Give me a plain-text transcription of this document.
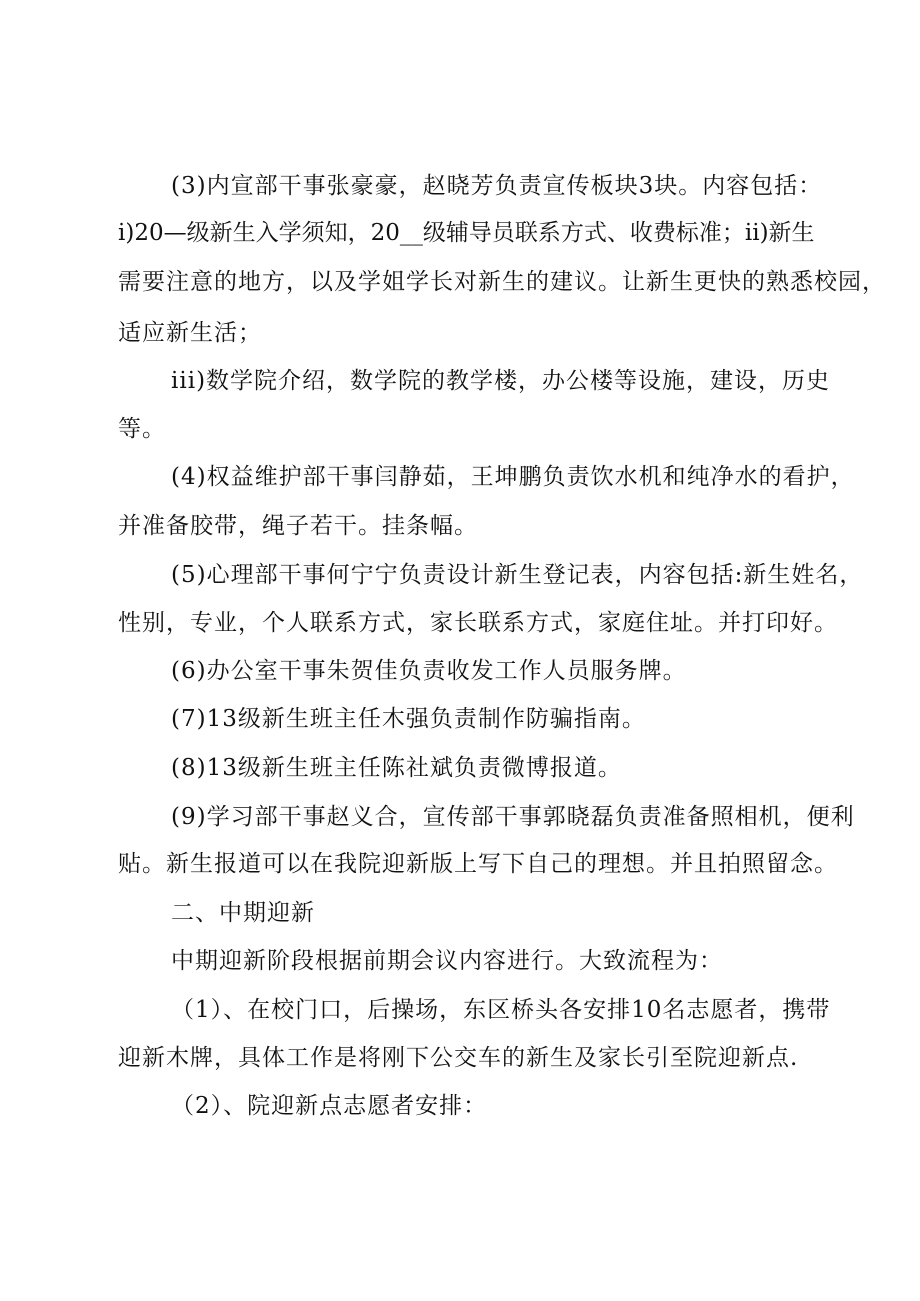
(3)内宣部干事张豪豪，赵晓芳负责宣传板块3块。内容包括：
i)20—级新生入学须知，20__级辅导员联系方式、收费标准；ii)新生
需要注意的地方，以及学姐学长对新生的建议。让新生更快的熟悉校园，
适应新生活；
iii)数学院介绍，数学院的教学楼，办公楼等设施，建设，历史
等。
(4)权益维护部干事闫静茹，王坤鹏负责饮水机和纯净水的看护，
并准备胶带，绳子若干。挂条幅。
(5)心理部干事何宁宁负责设计新生登记表，内容包括:新生姓名，
性别，专业，个人联系方式，家长联系方式，家庭住址。并打印好。
(6)办公室干事朱贺佳负责收发工作人员服务牌。
(7)13级新生班主任木强负责制作防骗指南。
(8)13级新生班主任陈社斌负责微博报道。
(9)学习部干事赵义合，宣传部干事郭晓磊负责准备照相机，便利
贴。新生报道可以在我院迎新版上写下自己的理想。并且拍照留念。
二、中期迎新
中期迎新阶段根据前期会议内容进行。大致流程为：
（1）、在校门口，后操场，东区桥头各安排10名志愿者，携带
迎新木牌，具体工作是将刚下公交车的新生及家长引至院迎新点.
（2）、院迎新点志愿者安排：
